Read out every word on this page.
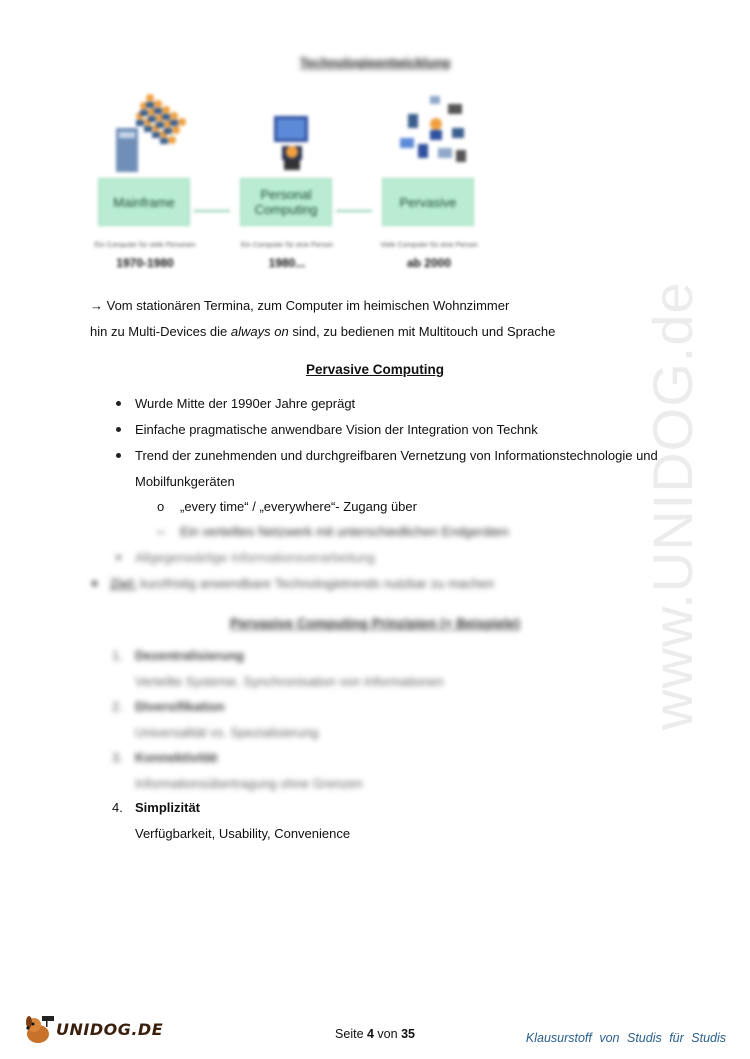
www.UNIDOG.de
Technologieentwicklung
Mainframe
Ein Computer für viele Personen
1970-1980
Personal Computing
Ein Computer für eine Person
1980...
Pervasive
Viele Computer für eine Person
ab 2000
→ Vom stationären Termina, zum Computer im heimischen Wohnzimmer
hin zu Multi-Devices die always on sind, zu bedienen mit Multitouch und Sprache
Pervasive Computing
Wurde Mitte der 1990er Jahre geprägt
Einfache pragmatische anwendbare Vision der Integration von Technk
Trend der zunehmenden und durchgreifbaren Vernetzung von Informationstechnologie und
Mobilfunkgeräten
o „every time“ / „everywhere“- Zugang über
– Ein verteiltes Netzwerk mit unterschiedlichen Endgeräten
Allgegenwärtige Informationsverarbeitung
Ziel: kurzfristig anwendbare Technologietrends nutzbar zu machen
Pervasive Computing Prinzipien (+ Beispiele)
1. Dezentralisierung
Verteilte Systeme, Synchronisation von Informationen
2. Diversifikation
Universalität vs. Spezialisierung
3. Konnektivität
Informationsübertragung ohne Grenzen
4. Simplizität
Verfügbarkeit, Usability, Convenience
UNIDOG.DE	Seite 4 von 35	Klausurstoff von Studis für Studis
